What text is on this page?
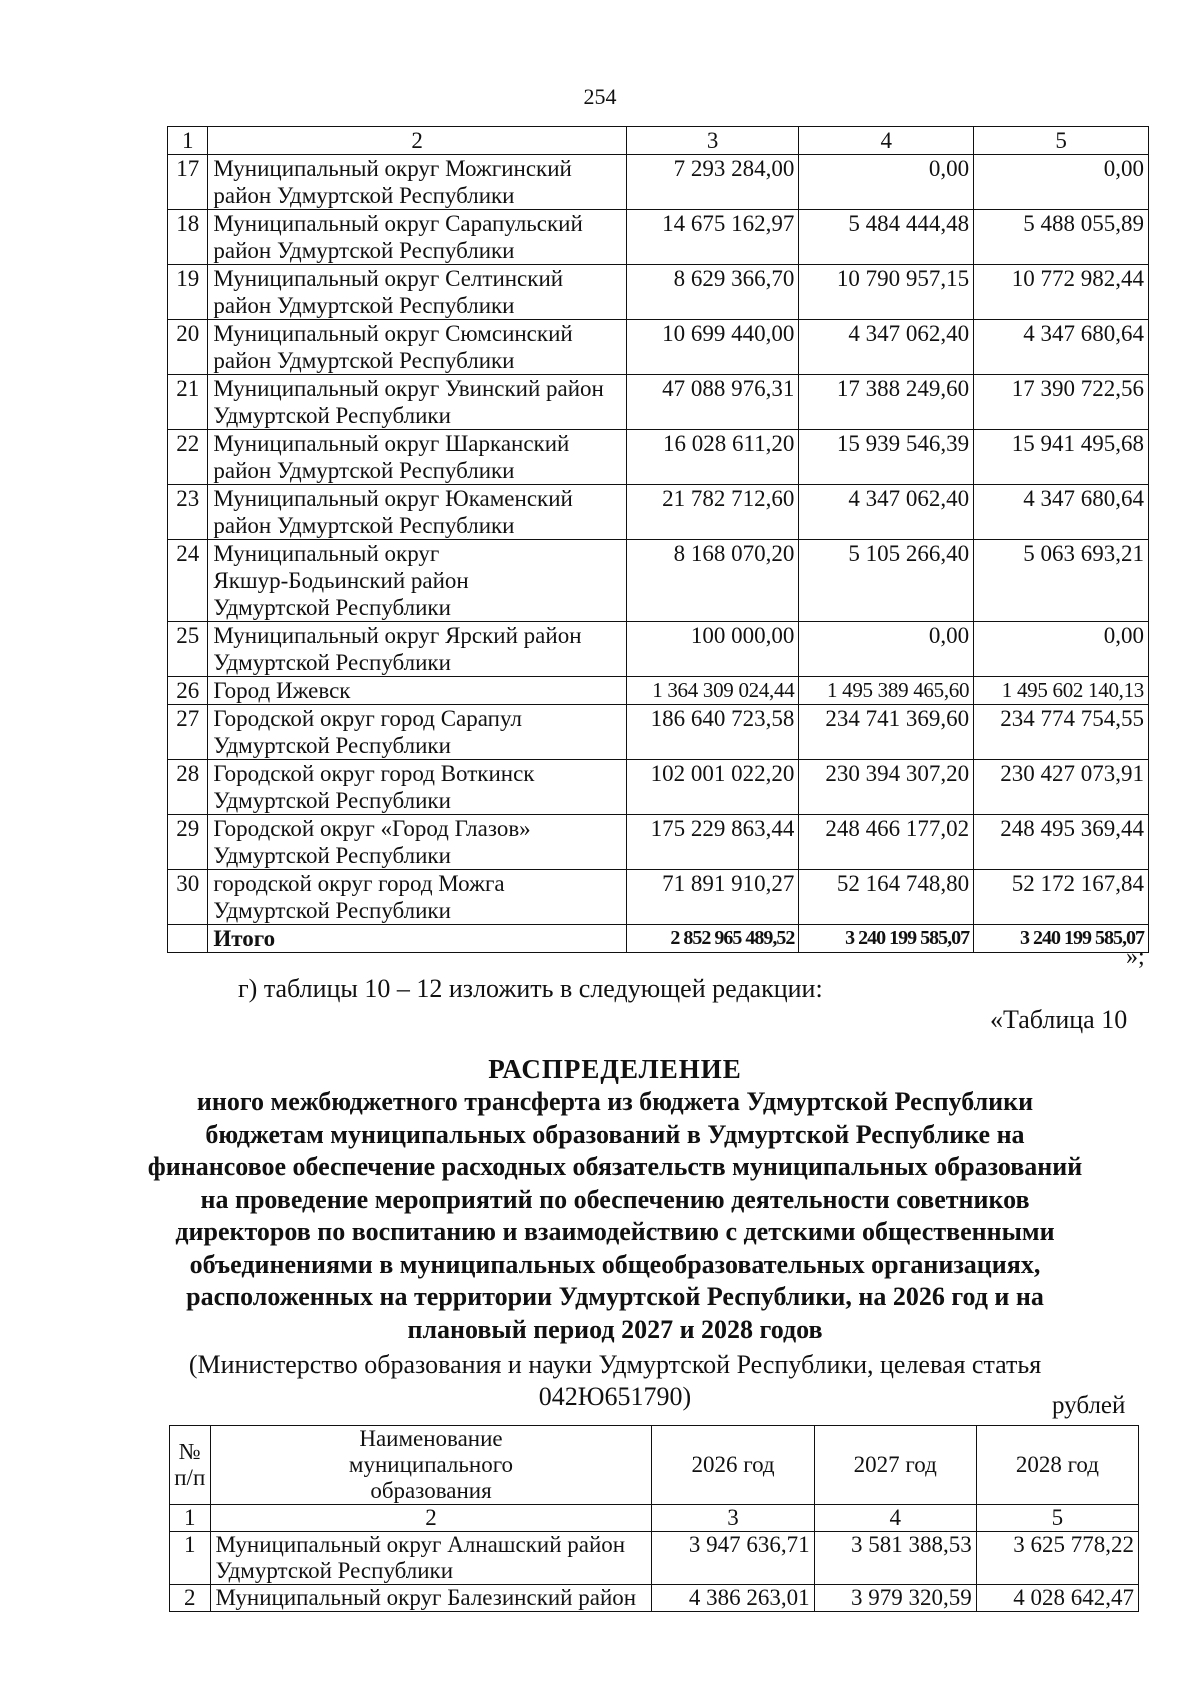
254
1	2	3	4	5
17	Муниципальный округ Можгинский район Удмуртской Республики	7 293 284,00	0,00	0,00
18	Муниципальный округ Сарапульский район Удмуртской Республики	14 675 162,97	5 484 444,48	5 488 055,89
19	Муниципальный округ Селтинский район Удмуртской Республики	8 629 366,70	10 790 957,15	10 772 982,44
20	Муниципальный округ Сюмсинский район Удмуртской Республики	10 699 440,00	4 347 062,40	4 347 680,64
21	Муниципальный округ Увинский район Удмуртской Республики	47 088 976,31	17 388 249,60	17 390 722,56
22	Муниципальный округ Шарканский район Удмуртской Республики	16 028 611,20	15 939 546,39	15 941 495,68
23	Муниципальный округ Юкаменский район Удмуртской Республики	21 782 712,60	4 347 062,40	4 347 680,64
24	Муниципальный округ Якшур-Бодьинский район Удмуртской Республики	8 168 070,20	5 105 266,40	5 063 693,21
25	Муниципальный округ Ярский район Удмуртской Республики	100 000,00	0,00	0,00
26	Город Ижевск	1 364 309 024,44	1 495 389 465,60	1 495 602 140,13
27	Городской округ город Сарапул Удмуртской Республики	186 640 723,58	234 741 369,60	234 774 754,55
28	Городской округ город Воткинск Удмуртской Республики	102 001 022,20	230 394 307,20	230 427 073,91
29	Городской округ «Город Глазов» Удмуртской Республики	175 229 863,44	248 466 177,02	248 495 369,44
30	городской округ город Можга Удмуртской Республики	71 891 910,27	52 164 748,80	52 172 167,84
	Итого	2 852 965 489,52	3 240 199 585,07	3 240 199 585,07
»;
г) таблицы 10 – 12 изложить в следующей редакции:
«Таблица 10
РАСПРЕДЕЛЕНИЕ
иного межбюджетного трансферта из бюджета Удмуртской Республики бюджетам муниципальных образований в Удмуртской Республике на финансовое обеспечение расходных обязательств муниципальных образований на проведение мероприятий по обеспечению деятельности советников директоров по воспитанию и взаимодействию с детскими общественными объединениями в муниципальных общеобразовательных организациях, расположенных на территории Удмуртской Республики, на 2026 год и на плановый период 2027 и 2028 годов
(Министерство образования и науки Удмуртской Республики, целевая статья 042Ю651790)	рублей
№ п/п	Наименование муниципального образования	2026 год	2027 год	2028 год
1	2	3	4	5
1	Муниципальный округ Алнашский район Удмуртской Республики	3 947 636,71	3 581 388,53	3 625 778,22
2	Муниципальный округ Балезинский район	4 386 263,01	3 979 320,59	4 028 642,47
